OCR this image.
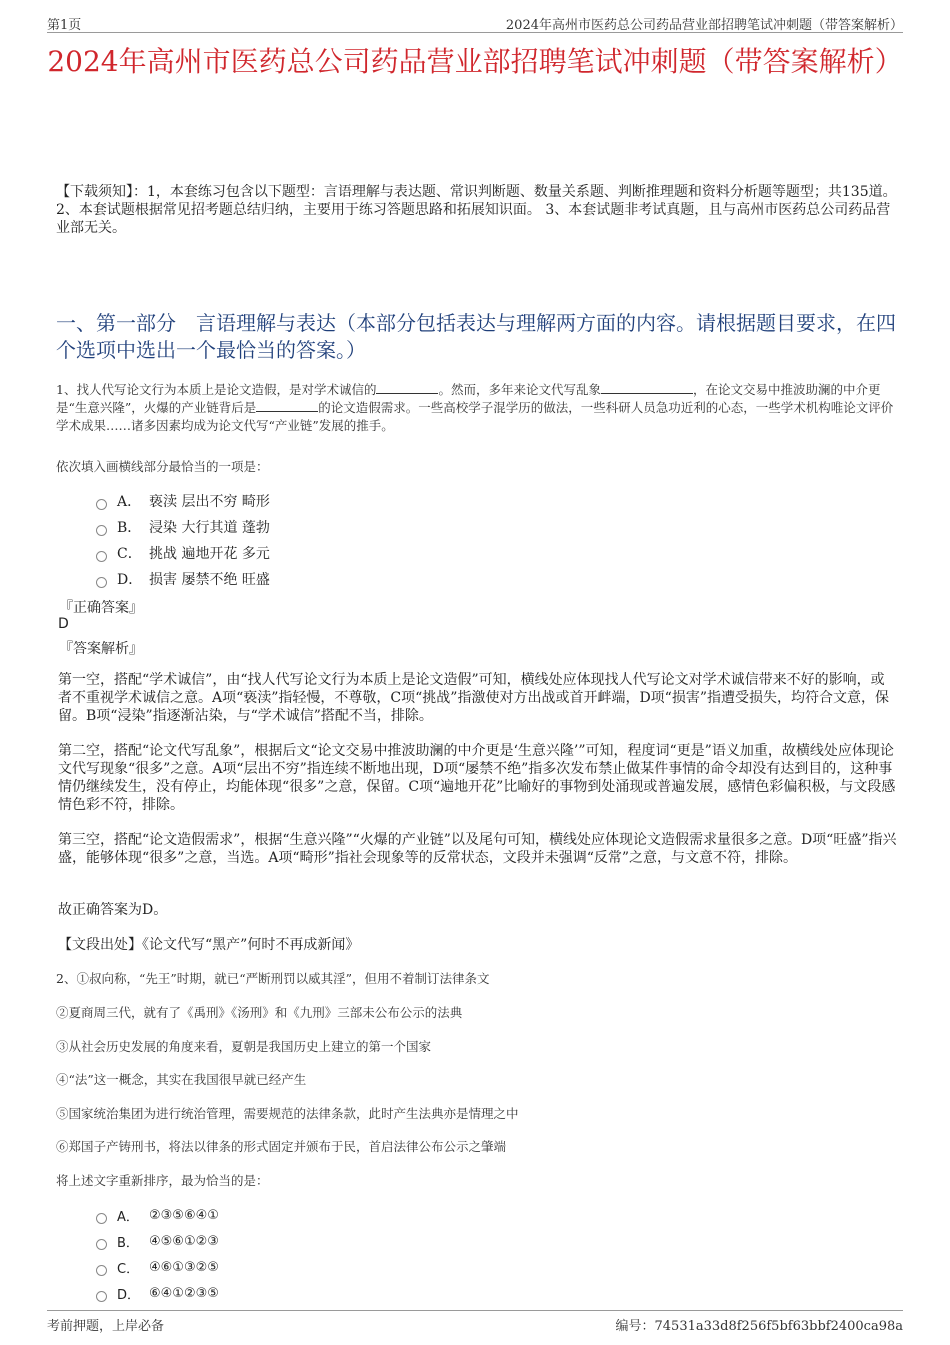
第1页	2024年高州市医药总公司药品营业部招聘笔试冲刺题（带答案解析）
2024年高州市医药总公司药品营业部招聘笔试冲刺题（带答案解析）
【下载须知】：1，本套练习包含以下题型：言语理解与表达题、常识判断题、数量关系题、判断推理题和资料分析题等题型；共135道。 2、本套试题根据常见招考题总结归纳，主要用于练习答题思路和拓展知识面。 3、本套试题非考试真题，且与高州市医药总公司药品营业部无关。
一、第一部分　言语理解与表达（本部分包括表达与理解两方面的内容。请根据题目要求，在四个选项中选出一个最恰当的答案。）
1、找人代写论文行为本质上是论文造假，是对学术诚信的	。然而，多年来论文代写乱象	，在论文交易中推波助澜的中介更是“生意兴隆”，火爆的产业链背后是	的论文造假需求。一些高校学子混学历的做法，一些科研人员急功近利的心态，一些学术机构唯论文评价学术成果……诸多因素均成为论文代写“产业链”发展的推手。
依次填入画横线部分最恰当的一项是：
A． 亵渎 层出不穷 畸形
B． 浸染 大行其道 蓬勃
C． 挑战 遍地开花 多元
D． 损害 屡禁不绝 旺盛
『正确答案』
D
『答案解析』
第一空，搭配“学术诚信”，由“找人代写论文行为本质上是论文造假”可知，横线处应体现找人代写论文对学术诚信带来不好的影响，或者不重视学术诚信之意。A项“亵渎”指轻慢，不尊敬，C项“挑战”指激使对方出战或首开衅端，D项“损害”指遭受损失，均符合文意，保留。B项“浸染”指逐渐沾染，与“学术诚信”搭配不当，排除。
第二空，搭配“论文代写乱象”，根据后文“论文交易中推波助澜的中介更是‘生意兴隆’”可知，程度词“更是”语义加重，故横线处应体现论文代写现象“很多”之意。A项“层出不穷”指连续不断地出现，D项“屡禁不绝”指多次发布禁止做某件事情的命令却没有达到目的，这种事情仍继续发生，没有停止，均能体现“很多”之意，保留。C项“遍地开花”比喻好的事物到处涌现或普遍发展，感情色彩偏积极，与文段感情色彩不符，排除。
第三空，搭配“论文造假需求”，根据“生意兴隆”“火爆的产业链”以及尾句可知，横线处应体现论文造假需求量很多之意。D项“旺盛”指兴盛，能够体现“很多”之意，当选。A项“畸形”指社会现象等的反常状态，文段并未强调“反常”之意，与文意不符，排除。
故正确答案为D。
【文段出处】《论文代写“黑产”何时不再成新闻》
2、①叔向称，“先王”时期，就已“严断刑罚以威其淫”，但用不着制订法律条文
②夏商周三代，就有了《禹刑》《汤刑》和《九刑》三部未公布公示的法典
③从社会历史发展的角度来看，夏朝是我国历史上建立的第一个国家
④“法”这一概念，其实在我国很早就已经产生
⑤国家统治集团为进行统治管理，需要规范的法律条款，此时产生法典亦是情理之中
⑥郑国子产铸刑书，将法以律条的形式固定并颁布于民，首启法律公布公示之肇端
将上述文字重新排序，最为恰当的是：
A． ②③⑤⑥④①
B． ④⑤⑥①②③
C． ④⑥①③②⑤
D． ⑥④①②③⑤
考前押题，上岸必备	编号：74531a33d8f256f5bf63bbf2400ca98a
